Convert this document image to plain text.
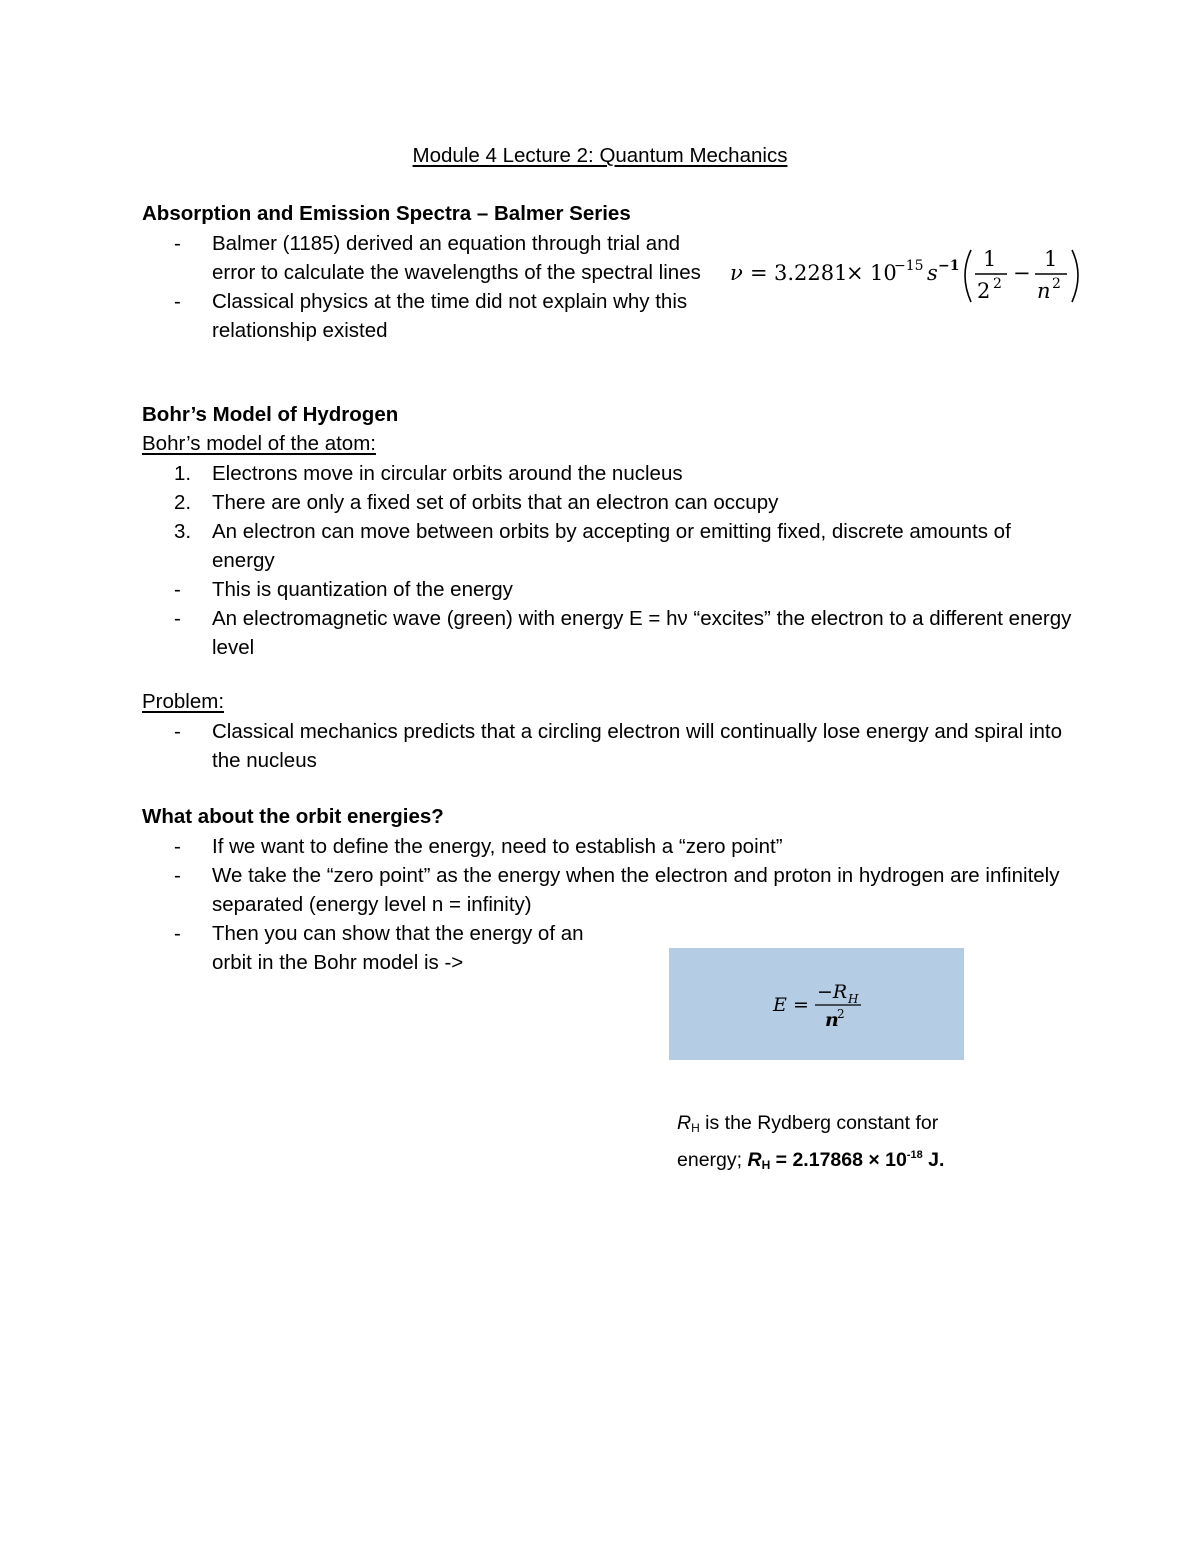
Module 4 Lecture 2: Quantum Mechanics
Absorption and Emission Spectra – Balmer Series
-	Balmer (1185) derived an equation through trial and error to calculate the wavelengths of the spectral lines
-	Classical physics at the time did not explain why this relationship existed
ν = 3.2281
× 10
−15 s −1 1
2 2 −
1
n 2
Bohr’s Model of Hydrogen
Bohr’s model of the atom:
1.	Electrons move in circular orbits around the nucleus
2.	There are only a fixed set of orbits that an electron can occupy
3.	An electron can move between orbits by accepting or emitting fixed, discrete amounts of energy
-	This is quantization of the energy
-	An electromagnetic wave (green) with energy E = hν “excites” the electron to a different energy level
Problem:
-	Classical mechanics predicts that a circling electron will continually lose energy and spiral into the nucleus
What about the orbit energies?
-	If we want to define the energy, need to establish a “zero point”
-	We take the “zero point” as the energy when the electron and proton in hydrogen are infinitely separated (energy level n = infinity)
-	Then you can show that the energy of an
orbit in the Bohr model is ->
E =
−R H
n
2
$R_H$ is the Rydberg constant for energy; $R_H = 2.17868 \times 10^{-18}$ J.
